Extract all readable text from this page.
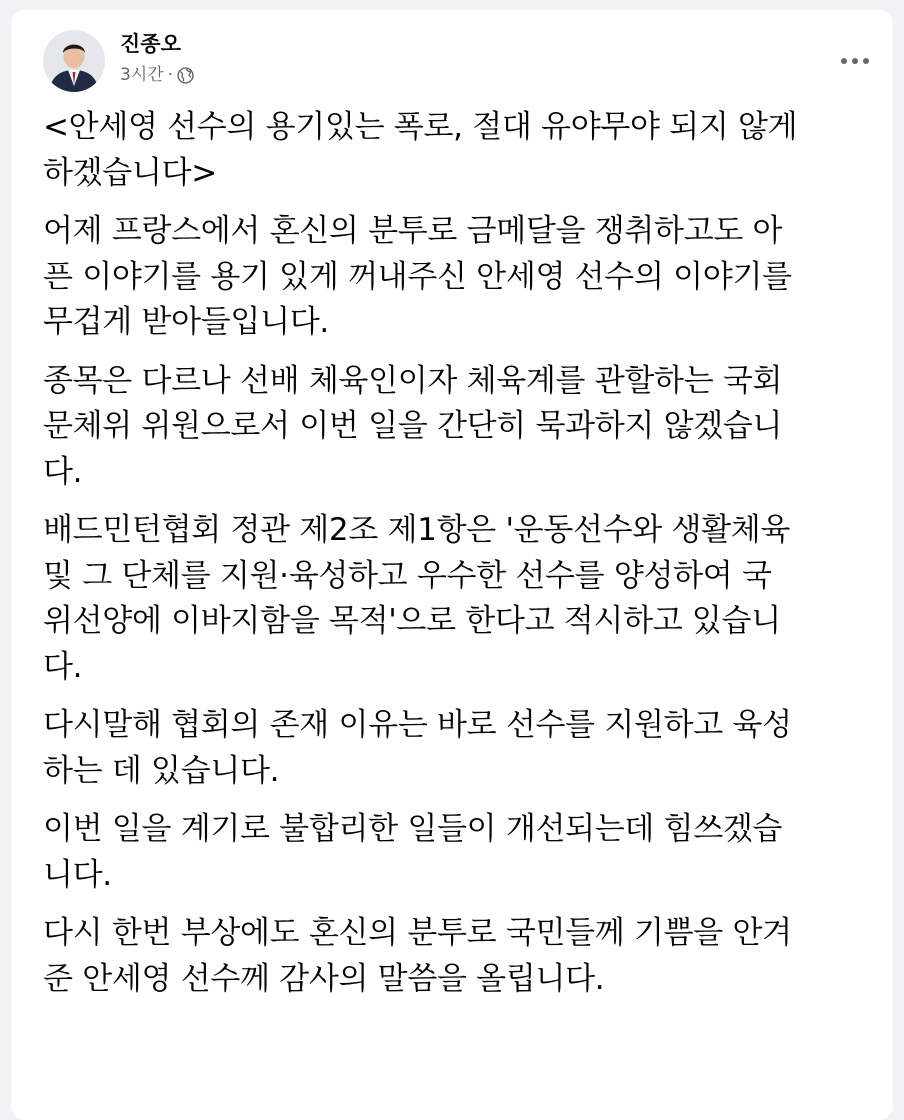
진종오
3시간 ·

<안세영 선수의 용기있는 폭로, 절대 유야무야 되지 않게
하겠습니다>

어제 프랑스에서 혼신의 분투로 금메달을 쟁취하고도 아
픈 이야기를 용기 있게 꺼내주신 안세영 선수의 이야기를
무겁게 받아들입니다.

종목은 다르나 선배 체육인이자 체육계를 관할하는 국회
문체위 위원으로서 이번 일을 간단히 묵과하지 않겠습니
다.

배드민턴협회 정관 제2조 제1항은 '운동선수와 생활체육
및 그 단체를 지원·육성하고 우수한 선수를 양성하여 국
위선양에 이바지함을 목적'으로 한다고 적시하고 있습니
다.

다시말해 협회의 존재 이유는 바로 선수를 지원하고 육성
하는 데 있습니다.

이번 일을 계기로 불합리한 일들이 개선되는데 힘쓰겠습
니다.

다시 한번 부상에도 혼신의 분투로 국민들께 기쁨을 안겨
준 안세영 선수께 감사의 말씀을 올립니다.
